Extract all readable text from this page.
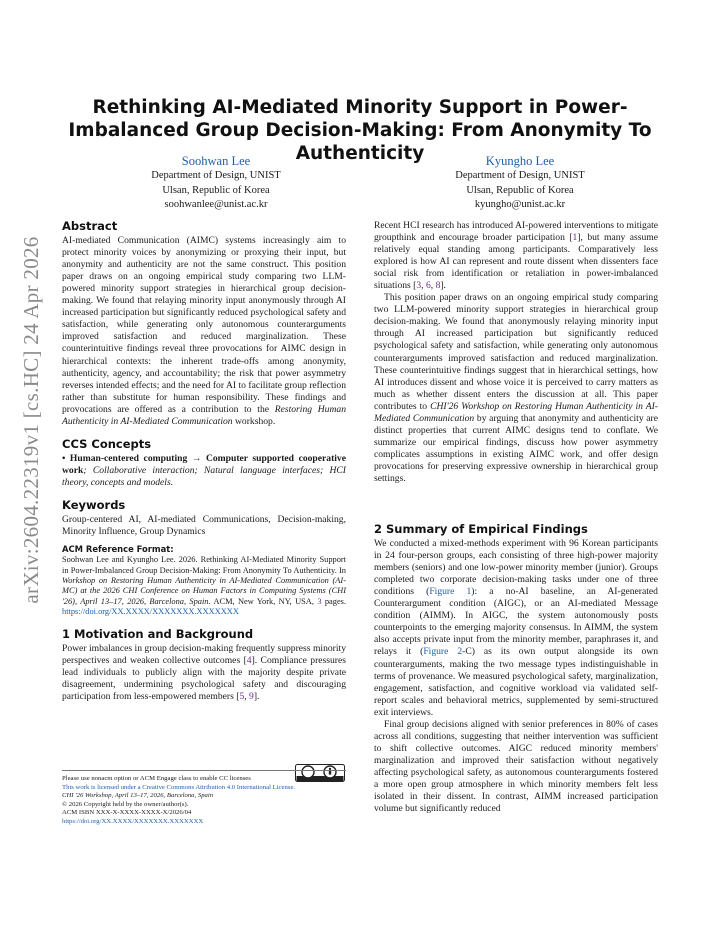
arXiv:2604.22319v1 [cs.HC] 24 Apr 2026
Rethinking AI-Mediated Minority Support in Power-Imbalanced Group Decision-Making: From Anonymity To Authenticity
Soohwan Lee
Department of Design, UNIST
Ulsan, Republic of Korea
soohwanlee@unist.ac.kr
Kyungho Lee
Department of Design, UNIST
Ulsan, Republic of Korea
kyungho@unist.ac.kr
Abstract

AI-mediated Communication (AIMC) systems increasingly aim to protect minority voices by anonymizing or proxying their input, but anonymity and authenticity are not the same construct. This position paper draws on an ongoing empirical study comparing two LLM-powered minority support strategies in hierarchical group decision-making. We found that relaying minority input anonymously through AI increased participation but significantly reduced psychological safety and satisfaction, while generating only autonomous counterarguments improved satisfaction and reduced marginalization. These counterintuitive findings reveal three provocations for AIMC design in hierarchical contexts: the inherent trade-offs among anonymity, authenticity, agency, and accountability; the risk that power asymmetry reverses intended effects; and the need for AI to facilitate group reflection rather than substitute for human responsibility. These findings and provocations are offered as a contribution to the Restoring Human Authenticity in AI-Mediated Communication workshop.

CCS Concepts

• Human-centered computing → Computer supported cooperative work; Collaborative interaction; Natural language interfaces; HCI theory, concepts and models.

Keywords

Group-centered AI, AI-mediated Communications, Decision-making, Minority Influence, Group Dynamics

ACM Reference Format:

Soohwan Lee and Kyungho Lee. 2026. Rethinking AI-Mediated Minority Support in Power-Imbalanced Group Decision-Making: From Anonymity To Authenticity. In Workshop on Restoring Human Authenticity in AI-Mediated Communication (AI-MC) at the 2026 CHI Conference on Human Factors in Computing Systems (CHI '26), April 13–17, 2026, Barcelona, Spain. ACM, New York, NY, USA, 3 pages. https://doi.org/XX.XXXX/XXXXXXX.XXXXXXX

1 Motivation and Background

Power imbalances in group decision-making frequently suppress minority perspectives and weaken collective outcomes [4]. Compliance pressures lead individuals to publicly align with the majority despite private disagreement, undermining psychological safety and discouraging participation from less-empowered members [5, 9].

Recent HCI research has introduced AI-powered interventions to mitigate groupthink and encourage broader participation [1], but many assume relatively equal standing among participants. Comparatively less explored is how AI can represent and route dissent when dissenters face social risk from identification or retaliation in power-imbalanced situations [3, 6, 8].

This position paper draws on an ongoing empirical study comparing two LLM-powered minority support strategies in hierarchical group decision-making. We found that anonymously relaying minority input through AI increased participation but significantly reduced psychological safety and satisfaction, while generating only autonomous counterarguments improved satisfaction and reduced marginalization. These counterintuitive findings suggest that in hierarchical settings, how AI introduces dissent and whose voice it is perceived to carry matters as much as whether dissent enters the discussion at all. This paper contributes to CHI'26 Workshop on Restoring Human Authenticity in AI-Mediated Communication by arguing that anonymity and authenticity are distinct properties that current AIMC designs tend to conflate. We summarize our empirical findings, discuss how power asymmetry complicates assumptions in existing AIMC work, and offer design provocations for preserving expressive ownership in hierarchical group settings.

2 Summary of Empirical Findings

We conducted a mixed-methods experiment with 96 Korean participants in 24 four-person groups, each consisting of three high-power majority members (seniors) and one low-power minority member (junior). Groups completed two corporate decision-making tasks under one of three conditions (Figure 1): a no-AI baseline, an AI-generated Counterargument condition (AIGC), or an AI-mediated Message condition (AIMM). In AIGC, the system autonomously posts counterpoints to the emerging majority consensus. In AIMM, the system also accepts private input from the minority member, paraphrases it, and relays it (Figure 2-C) as its own output alongside its own counterarguments, making the two message types indistinguishable in terms of provenance. We measured psychological safety, marginalization, engagement, satisfaction, and cognitive workload via validated self-report scales and behavioral metrics, supplemented by semi-structured exit interviews.

Final group decisions aligned with senior preferences in 80% of cases across all conditions, suggesting that neither intervention was sufficient to shift collective outcomes. AIGC reduced minority members' marginalization and improved their satisfaction without negatively affecting psychological safety, as autonomous counterarguments fostered a more open group atmosphere in which minority members felt less isolated in their dissent. In contrast, AIMM increased participation volume but significantly reduced

Please use nonacm option or ACM Engage class to enable CC licenses
This work is licensed under a Creative Commons Attribution 4.0 International License.
CHI '26 Workshop, April 13–17, 2026, Barcelona, Spain
© 2026 Copyright held by the owner/author(s).
ACM ISBN XXX-X-XXXX-XXXX-X/2026/04
https://doi.org/XX.XXXX/XXXXXXX.XXXXXXX
